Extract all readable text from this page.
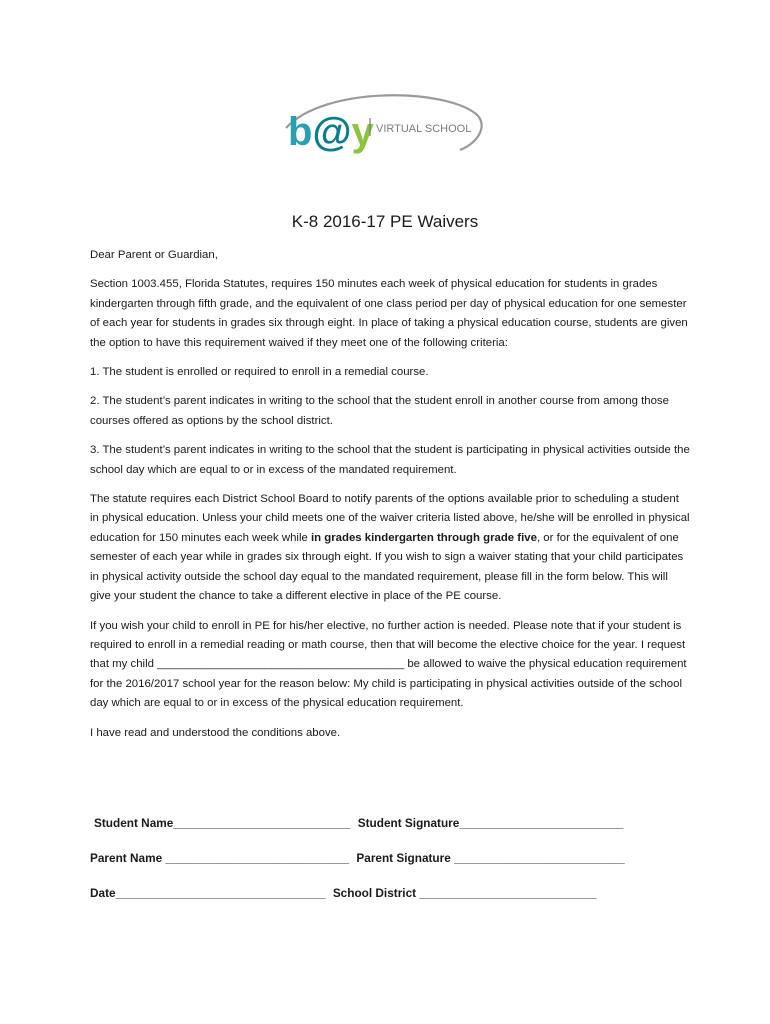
b@y VIRTUAL SCHOOL
K-8 2016-17 PE Waivers

Dear Parent or Guardian,

Section 1003.455, Florida Statutes, requires 150 minutes each week of physical education for students in grades kindergarten through fifth grade, and the equivalent of one class period per day of physical education for one semester of each year for students in grades six through eight. In place of taking a physical education course, students are given the option to have this requirement waived if they meet one of the following criteria:

1. The student is enrolled or required to enroll in a remedial course.

2. The student’s parent indicates in writing to the school that the student enroll in another course from among those courses offered as options by the school district.

3. The student’s parent indicates in writing to the school that the student is participating in physical activities outside the school day which are equal to or in excess of the mandated requirement.

The statute requires each District School Board to notify parents of the options available prior to scheduling a student in physical education. Unless your child meets one of the waiver criteria listed above, he/she will be enrolled in physical education for 150 minutes each week while in grades kindergarten through grade five, or for the equivalent of one semester of each year while in grades six through eight. If you wish to sign a waiver stating that your child participates in physical activity outside the school day equal to the mandated requirement, please fill in the form below. This will give your student the chance to take a different elective in place of the PE course.

If you wish your child to enroll in PE for his/her elective, no further action is needed. Please note that if your student is required to enroll in a remedial reading or math course, then that will become the elective choice for the year. I request that my child _______________________________________ be allowed to waive the physical education requirement for the 2016/2017 school year for the reason below: My child is participating in physical activities outside of the school day which are equal to or in excess of the physical education requirement.

I have read and understood the conditions above.

Student Name___________________________ Student Signature_________________________
Parent Name ____________________________ Parent Signature __________________________
Date________________________________ School District ___________________________
